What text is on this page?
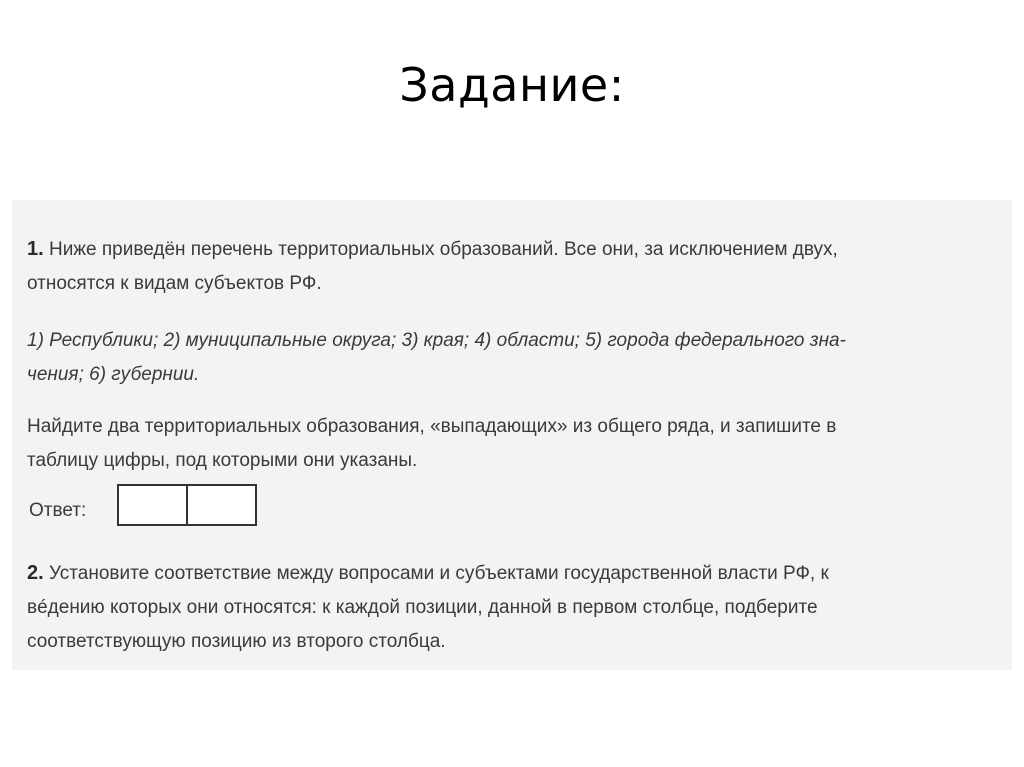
Задание:
1. Ниже приведён перечень территориальных образований. Все они, за исключением двух,
относятся к видам субъектов РФ.
1) Республики; 2) муниципальные округа; 3) края; 4) области; 5) города федерального зна-
чения; 6) губернии.
Найдите два территориальных образования, «выпадающих» из общего ряда, и запишите в
таблицу цифры, под которыми они указаны.
Ответ:
2. Установите соответствие между вопросами и субъектами государственной власти РФ, к
вéдению которых они относятся: к каждой позиции, данной в первом столбце, подберите
соответствующую позицию из второго столбца.
